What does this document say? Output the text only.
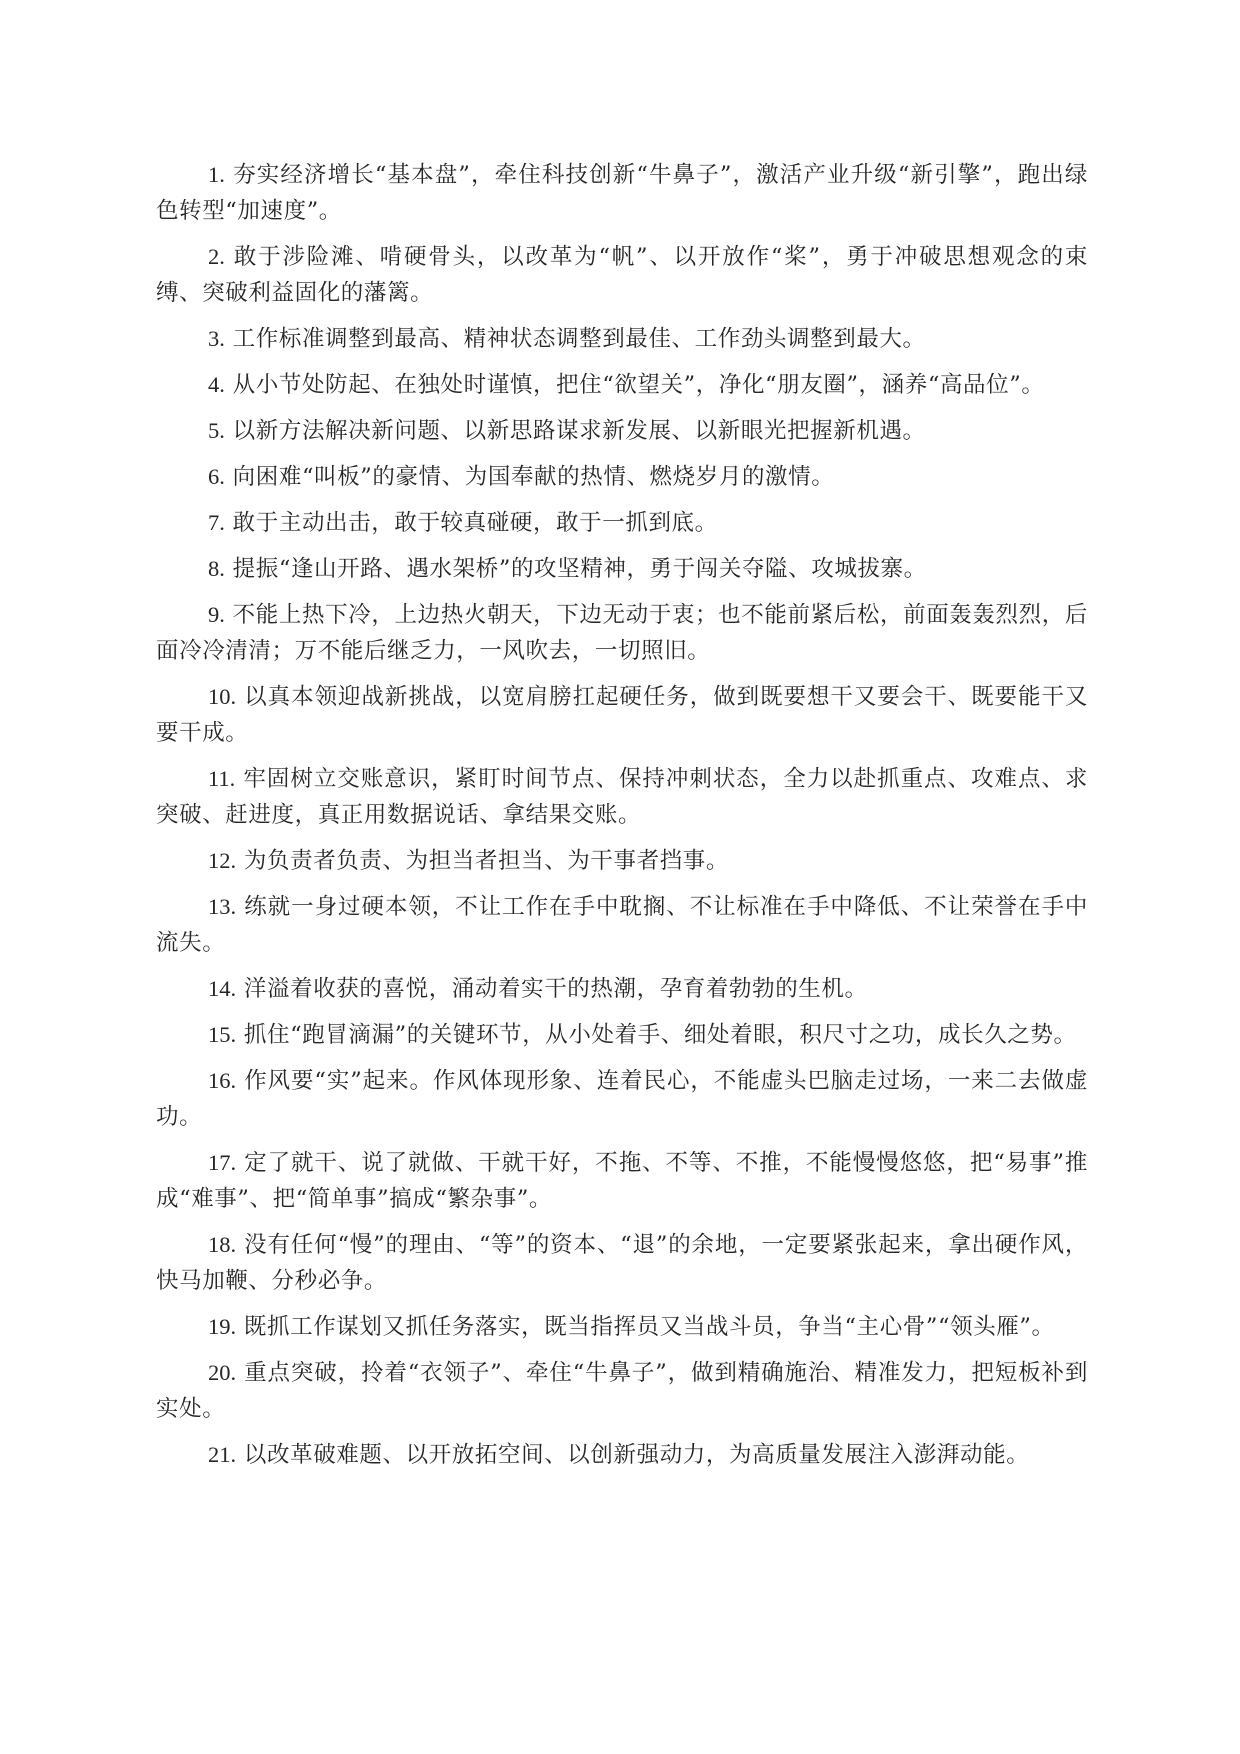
1. 夯实经济增长“基本盘”，牵住科技创新“牛鼻子”，激活产业升级“新引擎”，跑出绿色转型“加速度”。

2. 敢于涉险滩、啃硬骨头，以改革为“帆”、以开放作“桨”，勇于冲破思想观念的束缚、突破利益固化的藩篱。

3. 工作标准调整到最高、精神状态调整到最佳、工作劲头调整到最大。

4. 从小节处防起、在独处时谨慎，把住“欲望关”，净化“朋友圈”，涵养“高品位”。

5. 以新方法解决新问题、以新思路谋求新发展、以新眼光把握新机遇。

6. 向困难“叫板”的豪情、为国奉献的热情、燃烧岁月的激情。

7. 敢于主动出击，敢于较真碰硬，敢于一抓到底。

8. 提振“逢山开路、遇水架桥”的攻坚精神，勇于闯关夺隘、攻城拔寨。

9. 不能上热下冷，上边热火朝天，下边无动于衷；也不能前紧后松，前面轰轰烈烈，后面冷冷清清；万不能后继乏力，一风吹去，一切照旧。

10. 以真本领迎战新挑战，以宽肩膀扛起硬任务，做到既要想干又要会干、既要能干又要干成。

11. 牢固树立交账意识，紧盯时间节点、保持冲刺状态，全力以赴抓重点、攻难点、求突破、赶进度，真正用数据说话、拿结果交账。

12. 为负责者负责、为担当者担当、为干事者挡事。

13. 练就一身过硬本领，不让工作在手中耽搁、不让标准在手中降低、不让荣誉在手中流失。

14. 洋溢着收获的喜悦，涌动着实干的热潮，孕育着勃勃的生机。

15. 抓住“跑冒滴漏”的关键环节，从小处着手、细处着眼，积尺寸之功，成长久之势。

16. 作风要“实”起来。作风体现形象、连着民心，不能虚头巴脑走过场，一来二去做虚功。

17. 定了就干、说了就做、干就干好，不拖、不等、不推，不能慢慢悠悠，把“易事”推成“难事”、把“简单事”搞成“繁杂事”。

18. 没有任何“慢”的理由、“等”的资本、“退”的余地，一定要紧张起来，拿出硬作风，快马加鞭、分秒必争。

19. 既抓工作谋划又抓任务落实，既当指挥员又当战斗员，争当“主心骨”“领头雁”。

20. 重点突破，拎着“衣领子”、牵住“牛鼻子”，做到精确施治、精准发力，把短板补到实处。

21. 以改革破难题、以开放拓空间、以创新强动力，为高质量发展注入澎湃动能。
